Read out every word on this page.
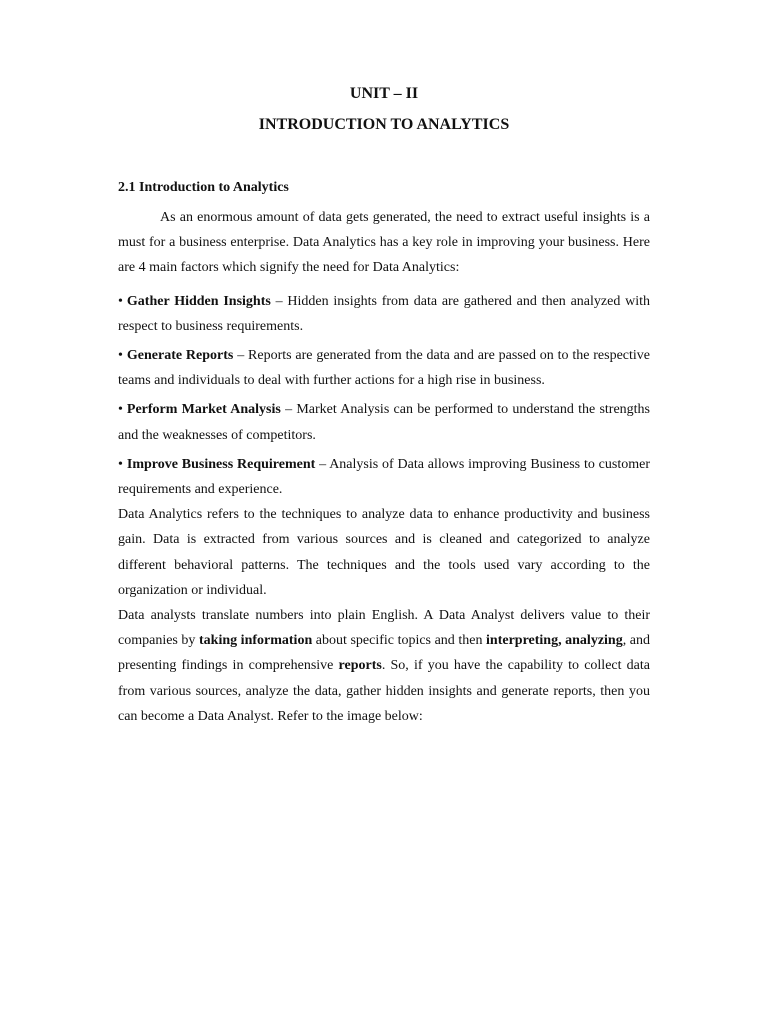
UNIT – II
INTRODUCTION TO ANALYTICS
2.1 Introduction to Analytics

As an enormous amount of data gets generated, the need to extract useful insights is a must for a business enterprise. Data Analytics has a key role in improving your business. Here are 4 main factors which signify the need for Data Analytics:

• Gather Hidden Insights – Hidden insights from data are gathered and then analyzed with respect to business requirements.

• Generate Reports – Reports are generated from the data and are passed on to the respective teams and individuals to deal with further actions for a high rise in business.

• Perform Market Analysis – Market Analysis can be performed to understand the strengths and the weaknesses of competitors.

• Improve Business Requirement – Analysis of Data allows improving Business to customer requirements and experience.

Data Analytics refers to the techniques to analyze data to enhance productivity and business gain. Data is extracted from various sources and is cleaned and categorized to analyze different behavioral patterns. The techniques and the tools used vary according to the organization or individual.

Data analysts translate numbers into plain English. A Data Analyst delivers value to their companies by taking information about specific topics and then interpreting, analyzing, and presenting findings in comprehensive reports. So, if you have the capability to collect data from various sources, analyze the data, gather hidden insights and generate reports, then you can become a Data Analyst. Refer to the image below:
